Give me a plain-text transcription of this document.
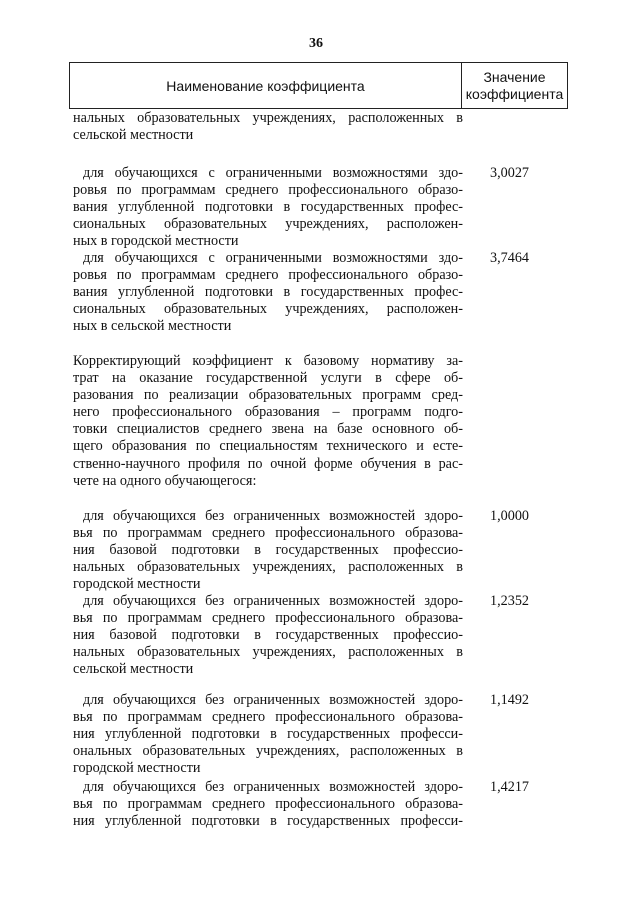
36
Наименование коэффициента
Значение
коэффициента
нальных образовательных учреждениях, расположенных в
сельской местности
для обучающихся с ограниченными возможностями здо-
ровья по программам среднего профессионального образо-
вания углубленной подготовки в государственных профес-
сиональных образовательных учреждениях, расположен-
ных в городской местности
3,0027
для обучающихся с ограниченными возможностями здо-
ровья по программам среднего профессионального образо-
вания углубленной подготовки в государственных профес-
сиональных образовательных учреждениях, расположен-
ных в сельской местности
3,7464
Корректирующий коэффициент к базовому нормативу за-
трат на оказание государственной услуги в сфере об-
разования по реализации образовательных программ сред-
него профессионального образования – программ подго-
товки специалистов среднего звена на базе основного об-
щего образования по специальностям технического и есте-
ственно-научного профиля по очной форме обучения в рас-
чете на одного обучающегося:
для обучающихся без ограниченных возможностей здоро-
вья по программам среднего профессионального образова-
ния базовой подготовки в государственных профессио-
нальных образовательных учреждениях, расположенных в
городской местности
1,0000
для обучающихся без ограниченных возможностей здоро-
вья по программам среднего профессионального образова-
ния базовой подготовки в государственных профессио-
нальных образовательных учреждениях, расположенных в
сельской местности
1,2352
для обучающихся без ограниченных возможностей здоро-
вья по программам среднего профессионального образова-
ния углубленной подготовки в государственных професси-
ональных образовательных учреждениях, расположенных в
городской местности
1,1492
для обучающихся без ограниченных возможностей здоро-
вья по программам среднего профессионального образова-
ния углубленной подготовки в государственных професси-
1,4217
